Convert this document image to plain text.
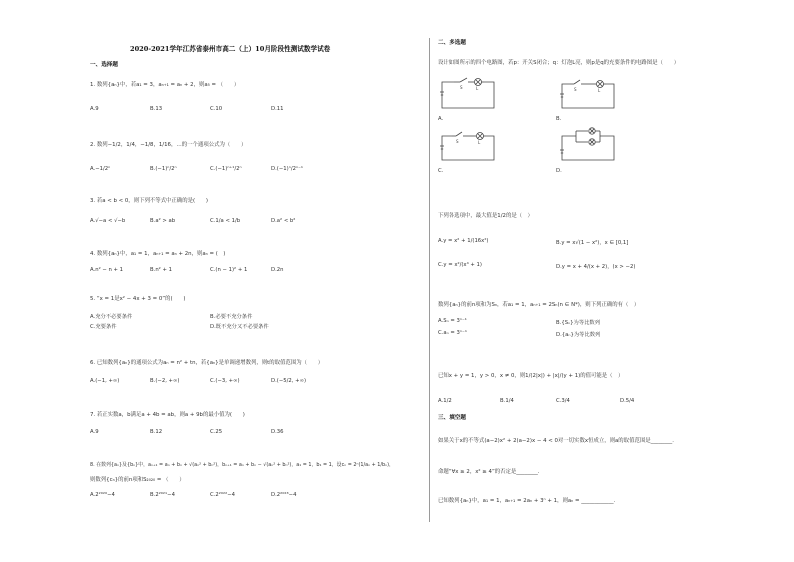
2020-2021学年江苏省泰州市高二（上）10月阶段性测试数学试卷
一、选择题
1. 数列{aₙ}中，若a₁ = 3，aₙ₊₁ = aₙ + 2，则a₅ = （　　）
A.9	B.13	C.10	D.11
2. 数列−1/2，1/4，−1/8，1/16，…的一个通项公式为（　　）
A.−1/2ⁿ	B.(−1)ⁿ/2ⁿ	C.(−1)ⁿ⁺¹/2ⁿ	D.(−1)ⁿ/2ⁿ⁻¹
3. 若a < b < 0，则下列不等式中正确的是(　　)
A.√−a < √−b	B.a² > ab	C.1/a < 1/b	D.a² < b²
4. 数列{aₙ}中，a₁ = 1，aₙ₊₁ = aₙ + 2n，则aₙ = (　)
A.n² − n + 1	B.n² + 1	C.(n − 1)² + 1	D.2n
5. “x = 1是x² − 4x + 3 = 0”的(　　)
A.充分不必要条件	B.必要不充分条件
C.充要条件	D.既不充分又不必要条件
6. 已知数列{aₙ}的通项公式为aₙ = n² + tn，若{aₙ}是单调递增数列，则t的取值范围为（　　）
A.(−1, +∞)	B.(−2, +∞)	C.(−3, +∞)	D.(−5/2, +∞)
7. 若正实数a，b满足a + 4b = ab，则a + 9b的最小值为(　　)
A.9	B.12	C.25	D.36
8. 在数列{aₙ}及{bₙ}中，aₙ₊₁ = aₙ + bₙ + √(aₙ² + bₙ²)，bₙ₊₁ = aₙ + bₙ − √(aₙ² + bₙ²)，a₁ = 1，b₁ = 1，设cₙ = 2ⁿ(1/aₙ + 1/bₙ)，
则数列{cₙ}的前n项和S₂₀₂₀ = （　　）
A.2²⁰²⁰−4	B.2²⁰²¹−4	C.2²⁰²²−4	D.2²⁰²³−4
二、多选题
设计如图所示的四个电路图，若p：开关S闭合；q：灯泡L亮，则p是q的充要条件的电路图是（　　）
S	L
A.
S	L
B.
S	L
C.	D.
下列各选项中，最大值是1/2的是（　）
A.y = x² + 1/(16x²)	B.y = x√(1 − x²)，x ∈ [0,1]
C.y = x²/(x⁴ + 1)	D.y = x + 4/(x + 2)，(x > −2)
数列{aₙ}的前n项和为Sₙ，若a₁ = 1，aₙ₊₁ = 2Sₙ(n ∈ N*)，则下列正确的有（　）
A.Sₙ = 3ⁿ⁻¹	B.{Sₙ}为等比数列
C.aₙ = 3ⁿ⁻¹	D.{aₙ}为等比数列
已知x + y = 1，y > 0，x ≠ 0，则1/(2|x|) + |x|/(y + 1)的值可能是（　）
A.1/2	B.1/4	C.3/4	D.5/4
三、填空题
如果关于x的不等式(a−2)x² + 2(a−2)x − 4 < 0对一切实数x恒成立，则a的取值范围是________.
命题“∀x ≥ 2，x² ≥ 4”的否定是________.
已知数列{aₙ}中，a₁ = 1，aₙ₊₁ = 2aₙ + 3ⁿ + 1，则aₙ = ____________.
